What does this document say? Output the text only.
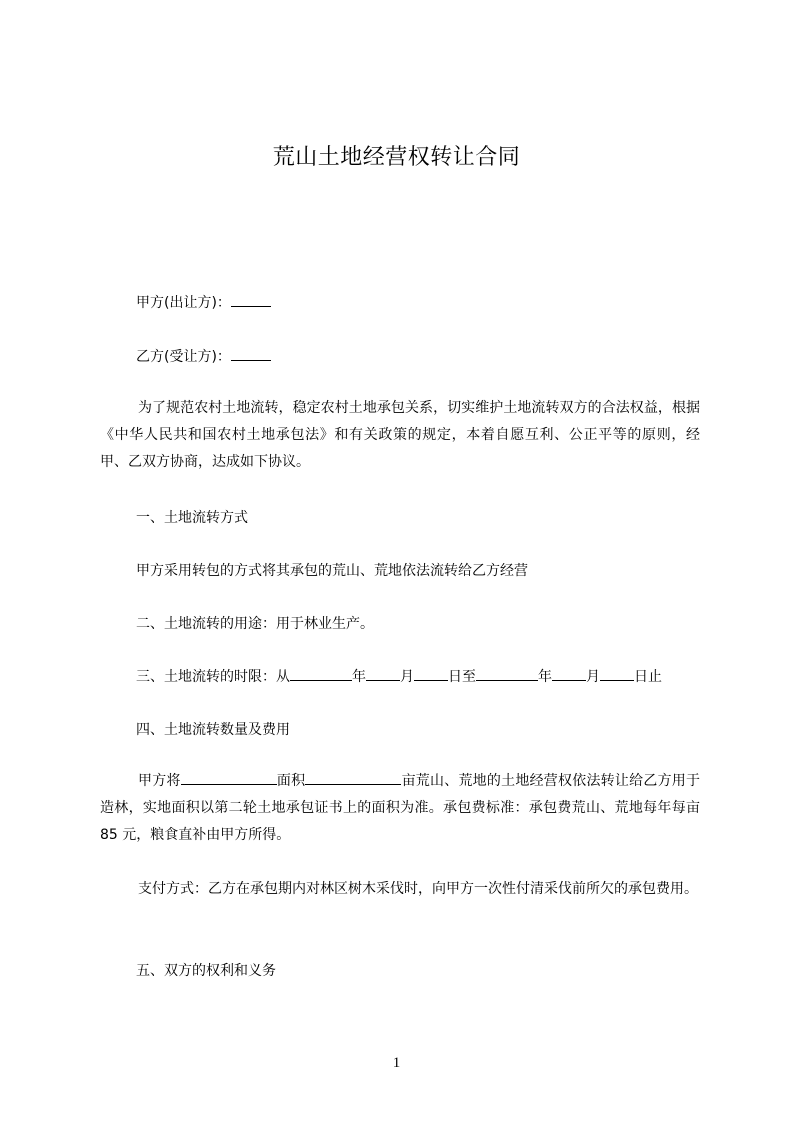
荒山土地经营权转让合同
甲方(出让方)：
乙方(受让方)：
为了规范农村土地流转，稳定农村土地承包关系，切实维护土地流转双方的合法权益，根据《中华人民共和国农村土地承包法》和有关政策的规定，本着自愿互利、公正平等的原则，经甲、乙双方协商，达成如下协议。
一、土地流转方式
甲方采用转包的方式将其承包的荒山、荒地依法流转给乙方经营
二、土地流转的用途：用于林业生产。
三、土地流转的时限：从	年 月 日至	年 月 日止
四、土地流转数量及费用
甲方将	面积	亩荒山、荒地的土地经营权依法转让给乙方用于造林，实地面积以第二轮土地承包证书上的面积为准。承包费标准：承包费荒山、荒地每年每亩 85 元，粮食直补由甲方所得。
支付方式：乙方在承包期内对林区树木采伐时，向甲方一次性付清采伐前所欠的承包费用。
五、双方的权利和义务
1
